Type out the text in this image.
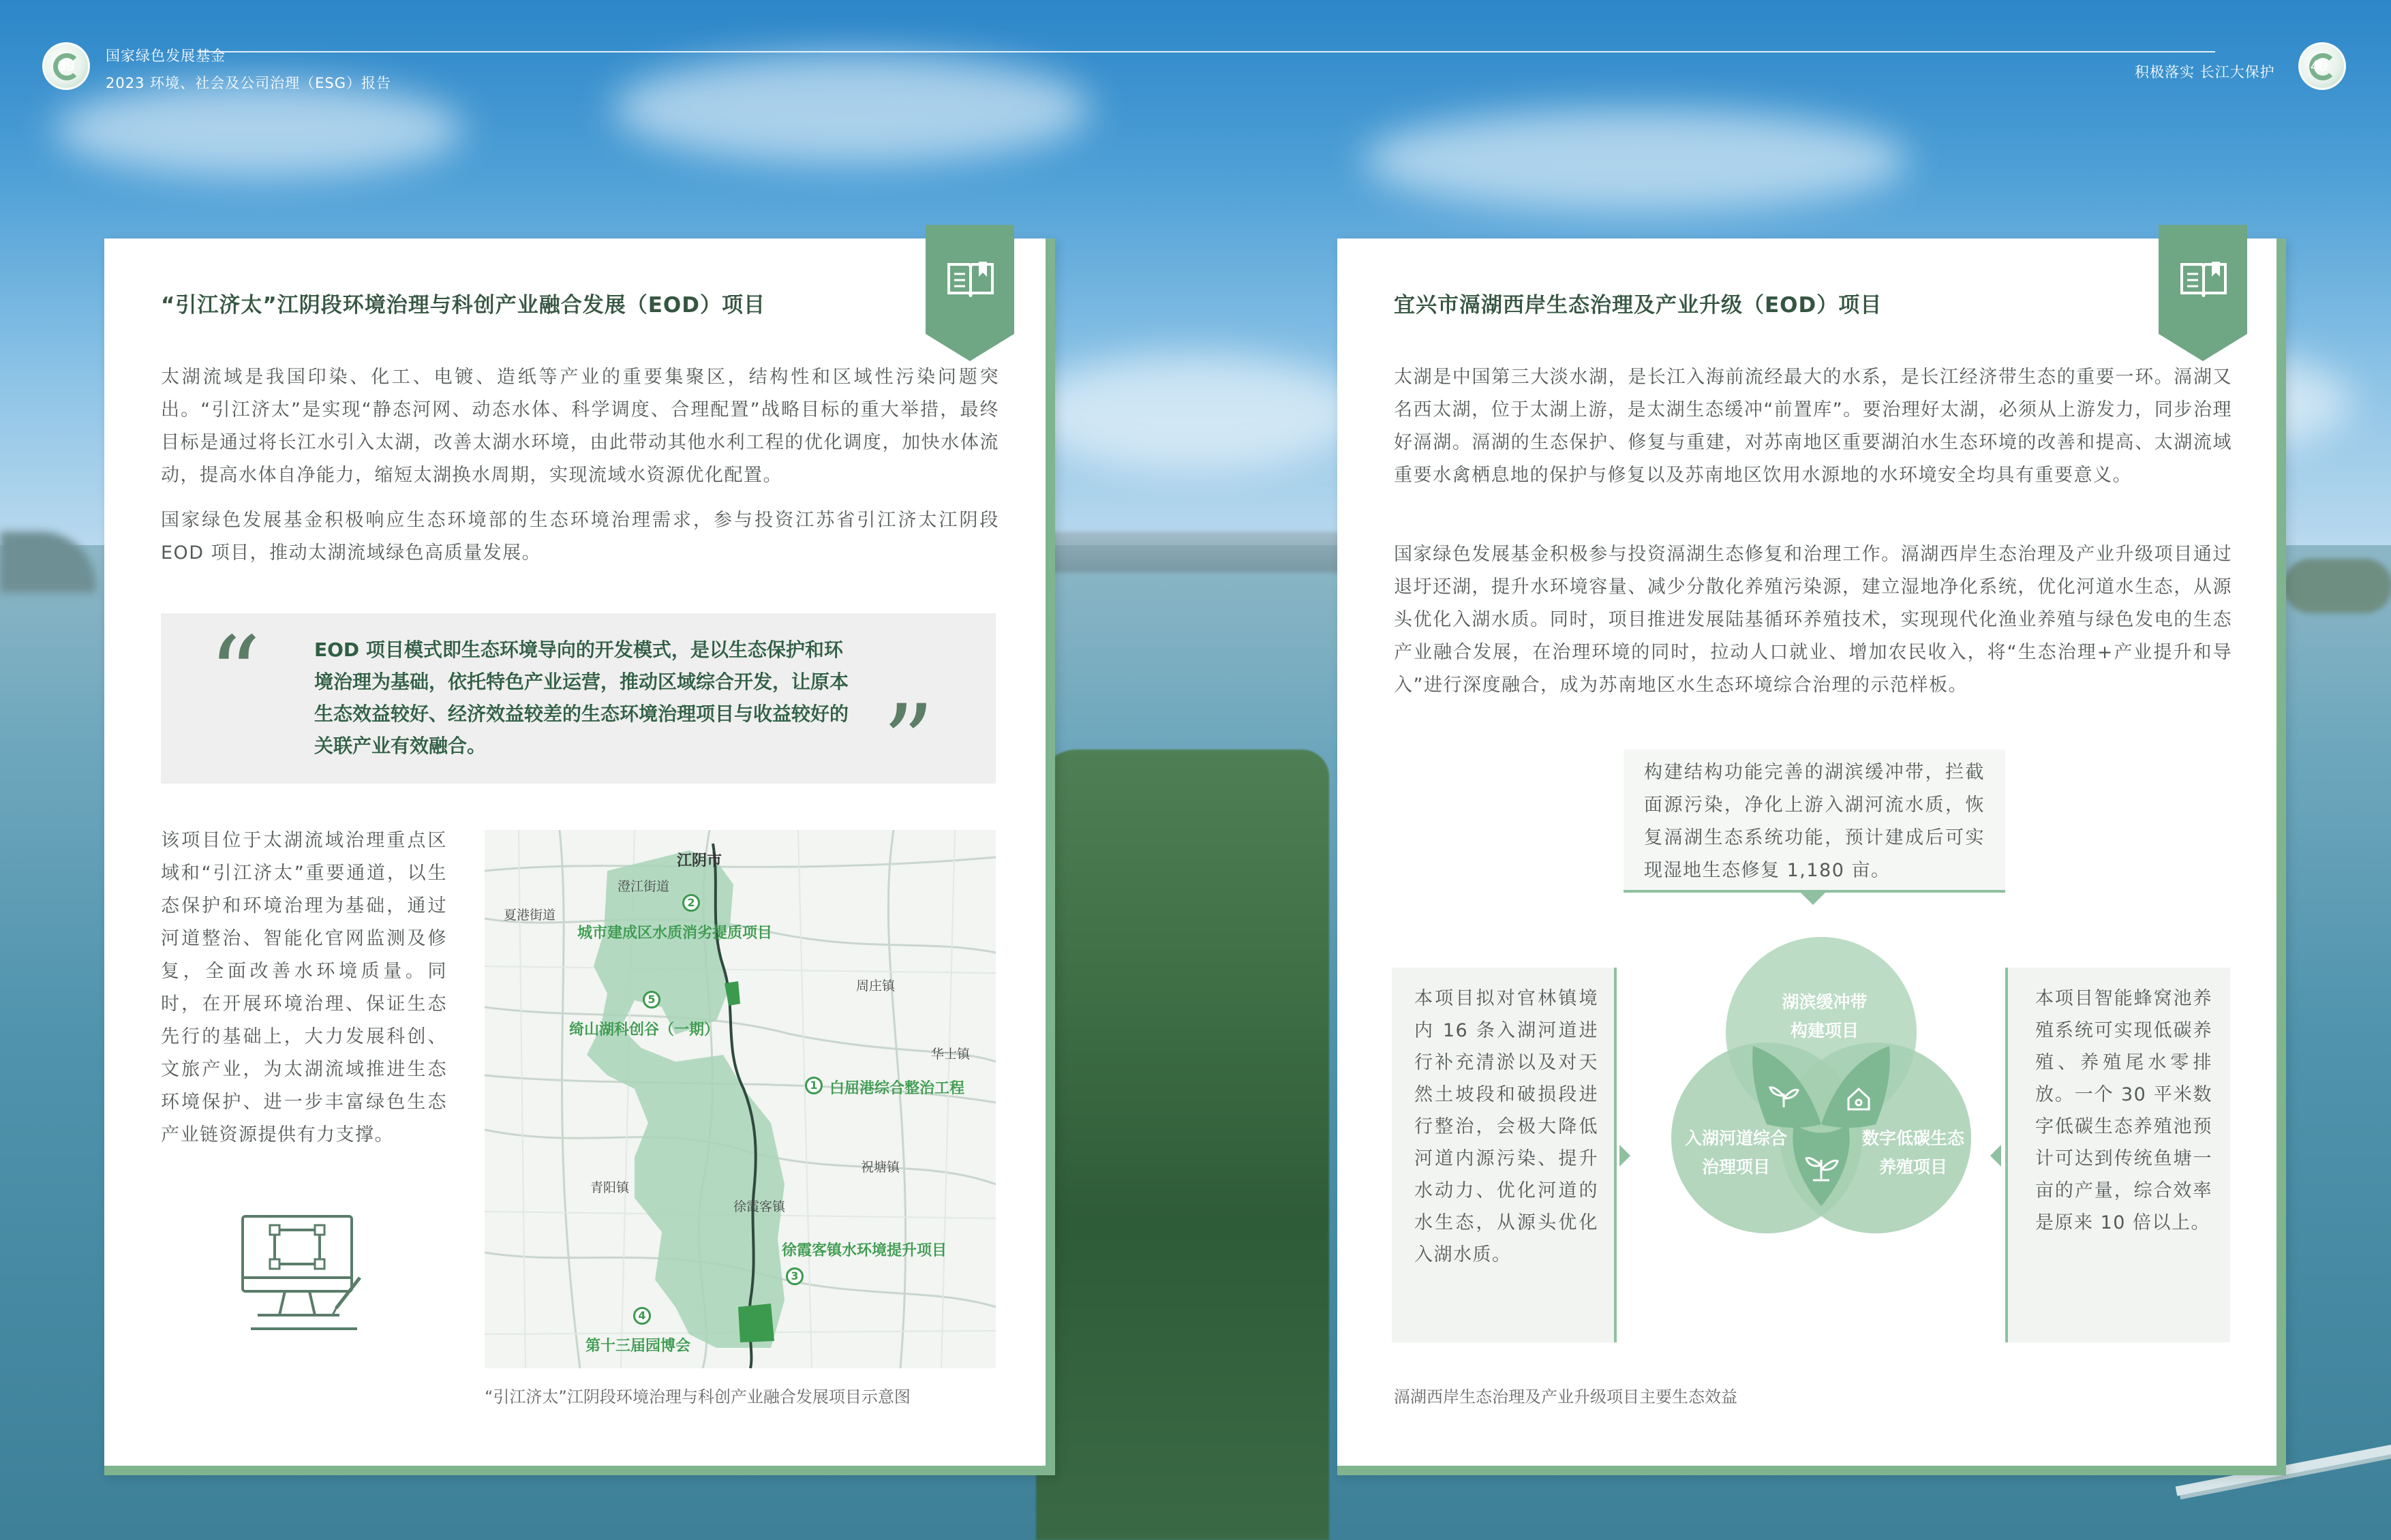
39
国家绿色发展基金
2023 环境、社会及公司治理（ESG）报告
积极落实 长江大保护 40
“引江济太”江阴段环境治理与科创产业融合发展（EOD）项目
太湖流域是我国印染、化工、电镀、造纸等产业的重要集聚区，结构性和区域性污染问题突出。“引江济太”是实现“静态河网、动态水体、科学调度、合理配置”战略目标的重大举措，最终目标是通过将长江水引入太湖，改善太湖水环境，由此带动其他水利工程的优化调度，加快水体流动，提高水体自净能力，缩短太湖换水周期，实现流域水资源优化配置。
国家绿色发展基金积极响应生态环境部的生态环境治理需求，参与投资江苏省引江济太江阴段EOD 项目，推动太湖流域绿色高质量发展。
“	EOD 项目模式即生态环境导向的开发模式，是以生态保护和环境治理为基础，依托特色产业运营，推动区域综合开发，让原本生态效益较好、经济效益较差的生态环境治理项目与收益较好的关联产业有效融合。	”
该项目位于太湖流域治理重点区域和“引江济太”重要通道，以生态保护和环境治理为基础，通过河道整治、智能化官网监测及修复，全面改善水环境质量。同时，在开展环境治理、保证生态先行的基础上，大力发展科创、文旅产业，为太湖流域推进生态环境保护、进一步丰富绿色生态产业链资源提供有力支撑。
江阴市
澄江街道
夏港街道
周庄镇
华士镇
祝塘镇
青阳镇
徐霞客镇
2
城市建成区水质消劣提质项目
5
绮山湖科创谷（一期）
1 白屈港综合整治工程
3
徐霞客镇水环境提升项目
4
第十三届园博会
“引江济太”江阴段环境治理与科创产业融合发展项目示意图
宜兴市滆湖西岸生态治理及产业升级（EOD）项目
太湖是中国第三大淡水湖，是长江入海前流经最大的水系，是长江经济带生态的重要一环。滆湖又名西太湖，位于太湖上游，是太湖生态缓冲“前置库”。要治理好太湖，必须从上游发力，同步治理好滆湖。滆湖的生态保护、修复与重建，对苏南地区重要湖泊水生态环境的改善和提高、太湖流域重要水禽栖息地的保护与修复以及苏南地区饮用水源地的水环境安全均具有重要意义。
国家绿色发展基金积极参与投资滆湖生态修复和治理工作。滆湖西岸生态治理及产业升级项目通过退圩还湖，提升水环境容量、减少分散化养殖污染源，建立湿地净化系统，优化河道水生态，从源头优化入湖水质。同时，项目推进发展陆基循环养殖技术，实现现代化渔业养殖与绿色发电的生态产业融合发展，在治理环境的同时，拉动人口就业、增加农民收入，将“生态治理+产业提升和导入”进行深度融合，成为苏南地区水生态环境综合治理的示范样板。
构建结构功能完善的湖滨缓冲带，拦截面源污染，净化上游入湖河流水质，恢复滆湖生态系统功能，预计建成后可实现湿地生态修复 1,180 亩。
本项目拟对官林镇境内 16 条入湖河道进行补充清淤以及对天然土坡段和破损段进行整治，会极大降低河道内源污染、提升水动力、优化河道的水生态，从源头优化入湖水质。
本项目智能蜂窝池养殖系统可实现低碳养殖、养殖尾水零排放。一个 30 平米数字低碳生态养殖池预计可达到传统鱼塘一亩的产量，综合效率是原来 10 倍以上。
湖滨缓冲带构建项目
入湖河道综合治理项目
数字低碳生态养殖项目
滆湖西岸生态治理及产业升级项目主要生态效益
